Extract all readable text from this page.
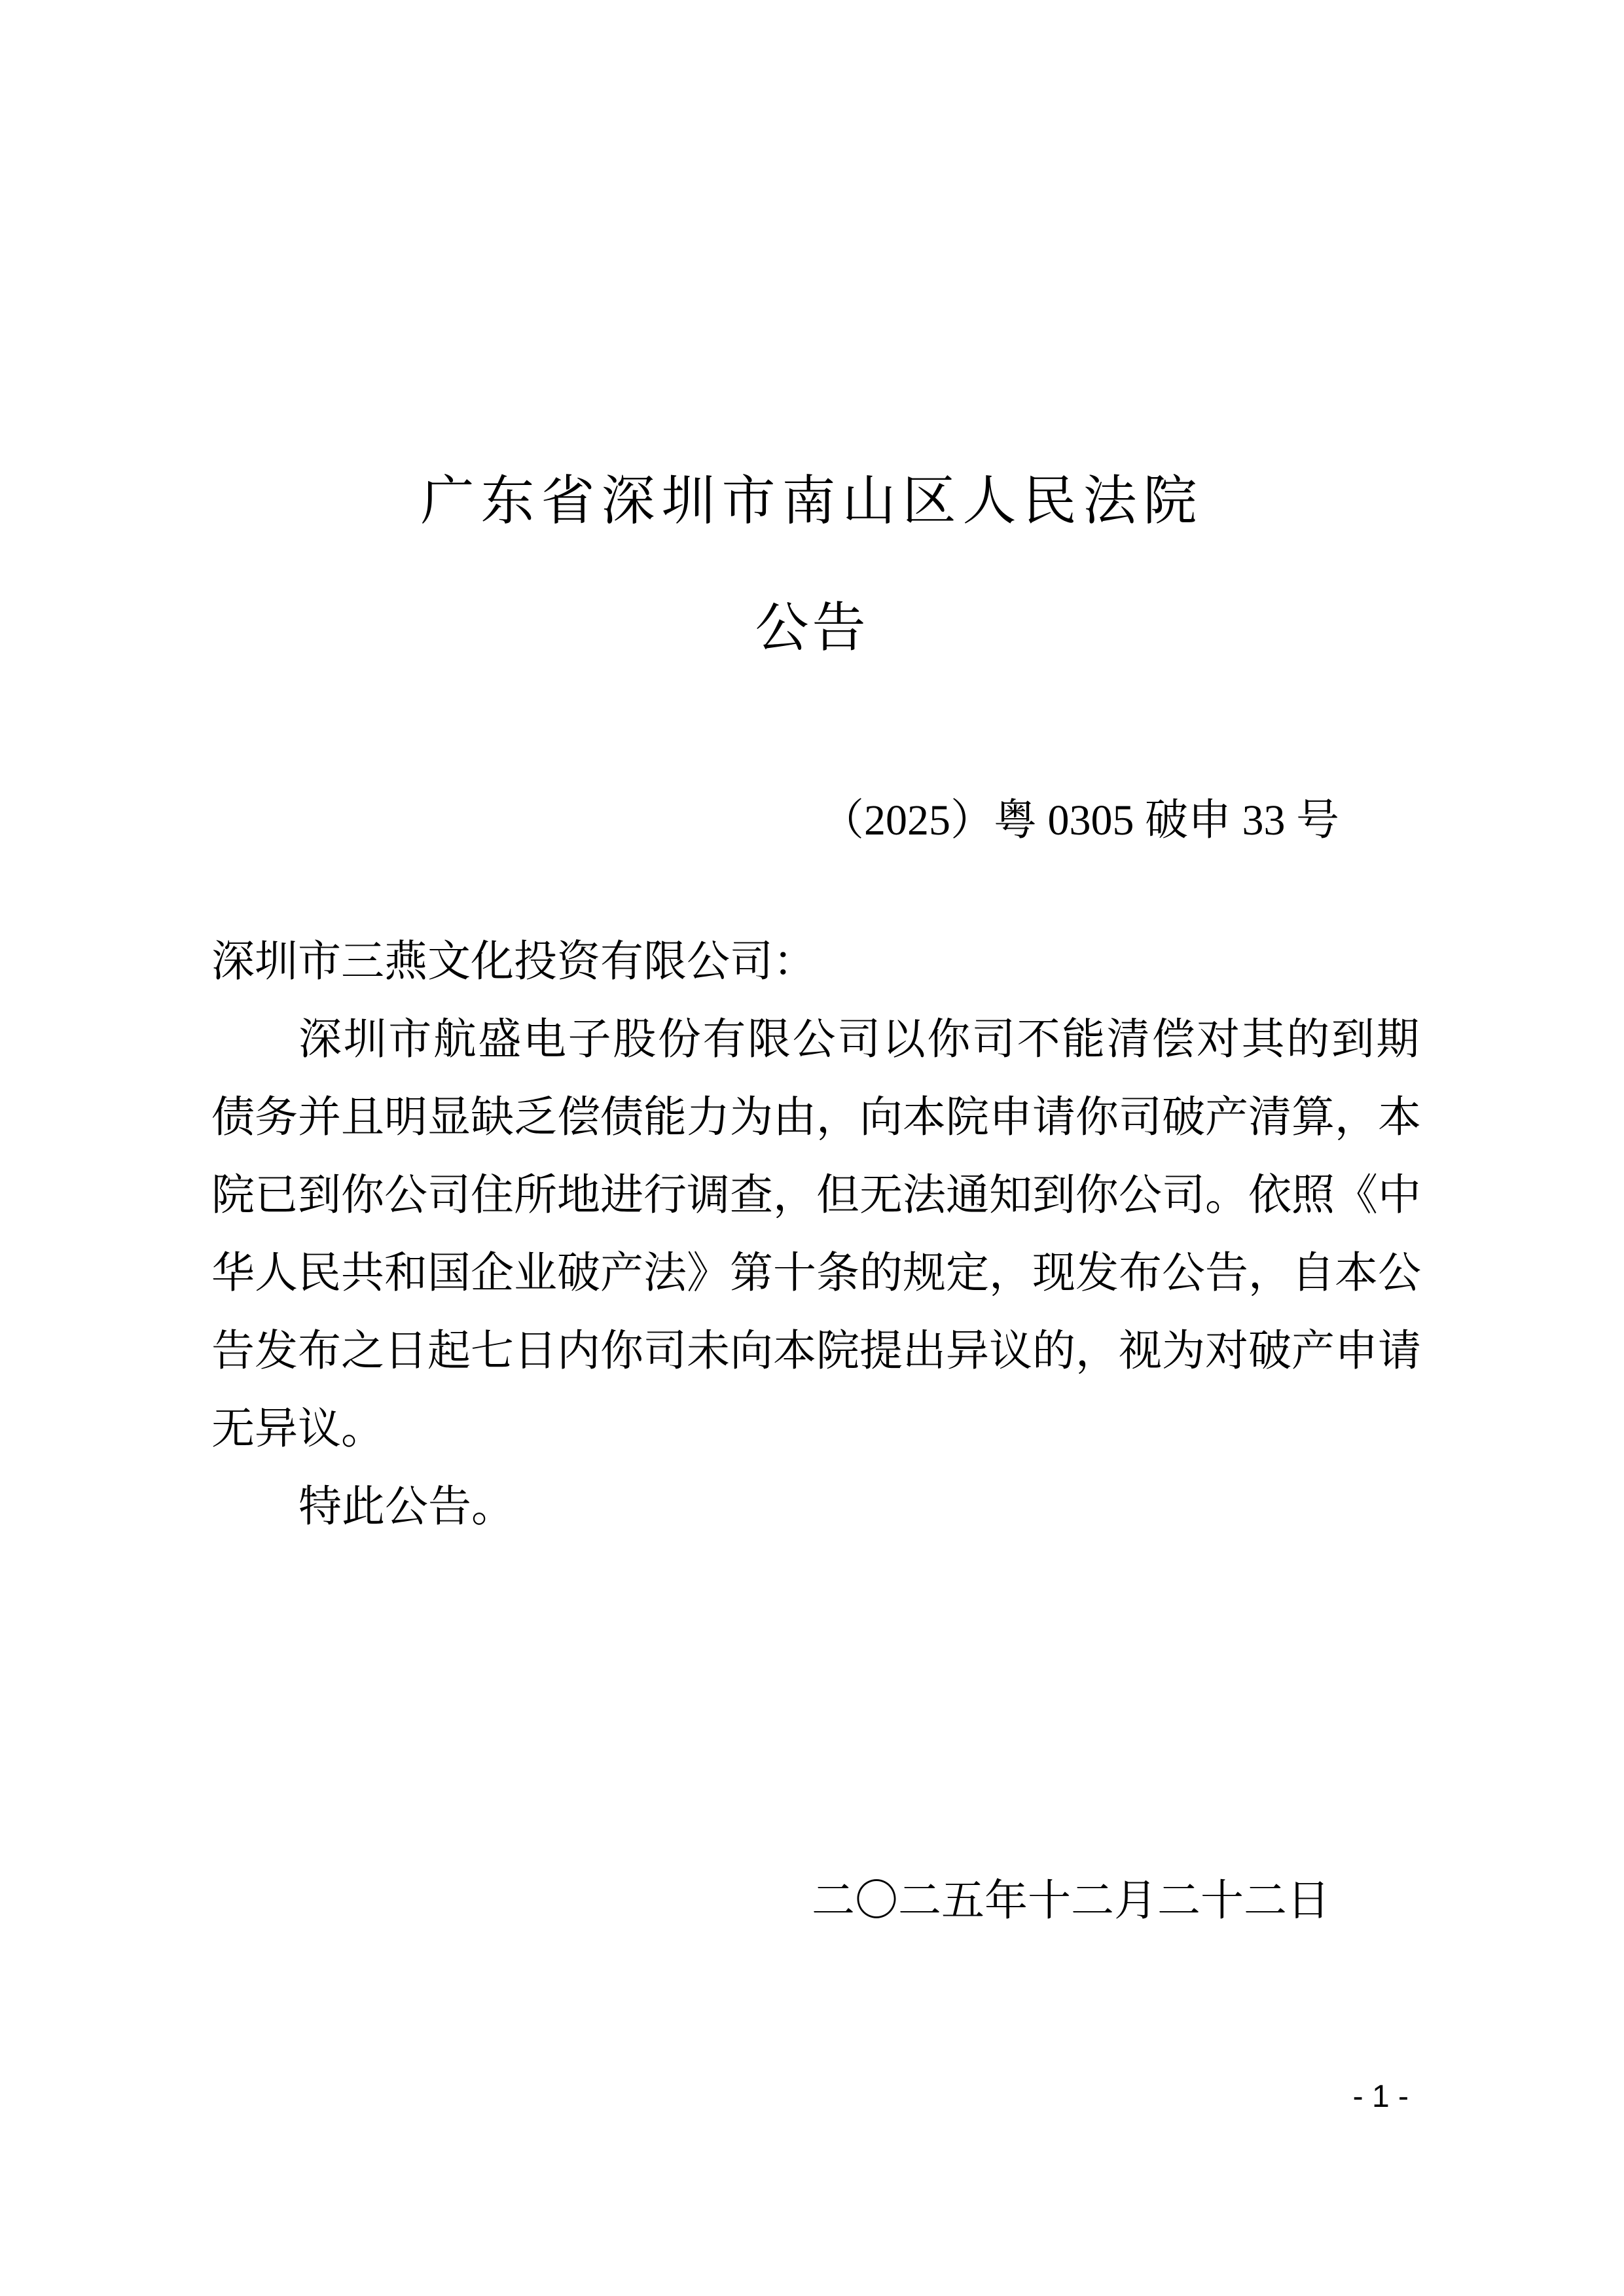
广东省深圳市南山区人民法院
公告
（2025）粤 0305 破申 33 号
深圳市三燕文化投资有限公司：
深圳市航盛电子股份有限公司以你司不能清偿对其的到期
债务并且明显缺乏偿债能力为由，向本院申请你司破产清算，本
院已到你公司住所地进行调查，但无法通知到你公司。依照《中
华人民共和国企业破产法》第十条的规定，现发布公告，自本公
告发布之日起七日内你司未向本院提出异议的，视为对破产申请
无异议。
特此公告。
二〇二五年十二月二十二日
- 1 -
